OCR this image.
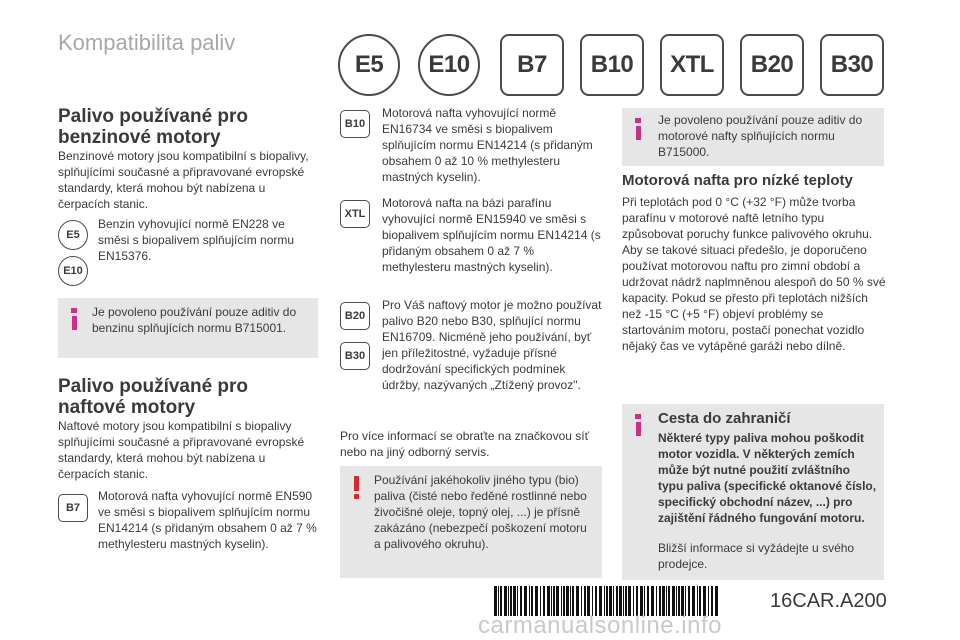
Kompatibilita paliv
E5	E10	B7	B10	XTL	B20	B30
Palivo používané pro
benzinové motory
Benzinové motory jsou kompatibilní s biopalivy, splňujícími současné a připravované evropské standardy, která mohou být nabízena u čerpacích stanic.
E5
E10
Benzin vyhovující normě EN228 ve směsi s biopalivem splňujícím normu EN15376.
Je povoleno používání pouze aditiv do benzinu splňujících normu B715001.
Palivo používané pro
naftové motory
Naftové motory jsou kompatibilní s biopalivy splňujícími současné a připravované evropské standardy, která mohou být nabízena u čerpacích stanic.
B7
Motorová nafta vyhovující normě EN590 ve směsi s biopalivem splňujícím normu EN14214 (s přidaným obsahem 0 až 7 % methylesteru mastných kyselin).
B10
Motorová nafta vyhovující normě EN16734 ve směsi s biopalivem splňujícím normu EN14214 (s přidaným obsahem 0 až 10 % methylesteru mastných kyselin).
XTL
Motorová nafta na bázi parafínu vyhovující normě EN15940 ve směsi s biopalivem splňujícím normu EN14214 (s přidaným obsahem 0 až 7 % methylesteru mastných kyselin).
B20
B30
Pro Váš naftový motor je možno používat palivo B20 nebo B30, splňující normu EN16709. Nicméně jeho používání, byť jen příležitostné, vyžaduje přísné dodržování specifických podmínek údržby, nazývaných „Ztížený provoz".
Pro více informací se obraťte na značkovou síť nebo na jiný odborný servis.
Používání jakéhokoliv jiného typu (bio) paliva (čisté nebo ředěné rostlinné nebo živočišné oleje, topný olej, ...) je přísně zakázáno (nebezpečí poškození motoru a palivového okruhu).
Je povoleno používání pouze aditiv do motorové nafty splňujících normu B715000.
Motorová nafta pro nízké teploty
Při teplotách pod 0 °C (+32 °F) může tvorba parafínu v motorové naftě letního typu způsobovat poruchy funkce palivového okruhu. Aby se takové situaci předešlo, je doporučeno používat motorovou naftu pro zimní období a udržovat nádrž naplmněnou alespoň do 50 % své kapacity. Pokud se přesto při teplotách nižších než -15 °C (+5 °F) objeví problémy se startováním motoru, postačí ponechat vozidlo nějaký čas ve vytápěné garáži nebo dílně.
Cesta do zahraničí
Některé typy paliva mohou poškodit motor vozidla. V některých zemích může být nutné použití zvláštního typu paliva (specifické oktanové číslo, specifický obchodní název, ...) pro zajištění řádného fungování motoru.
Bližší informace si vyžádejte u svého prodejce.
16CAR.A200
carmanualsonline.info
